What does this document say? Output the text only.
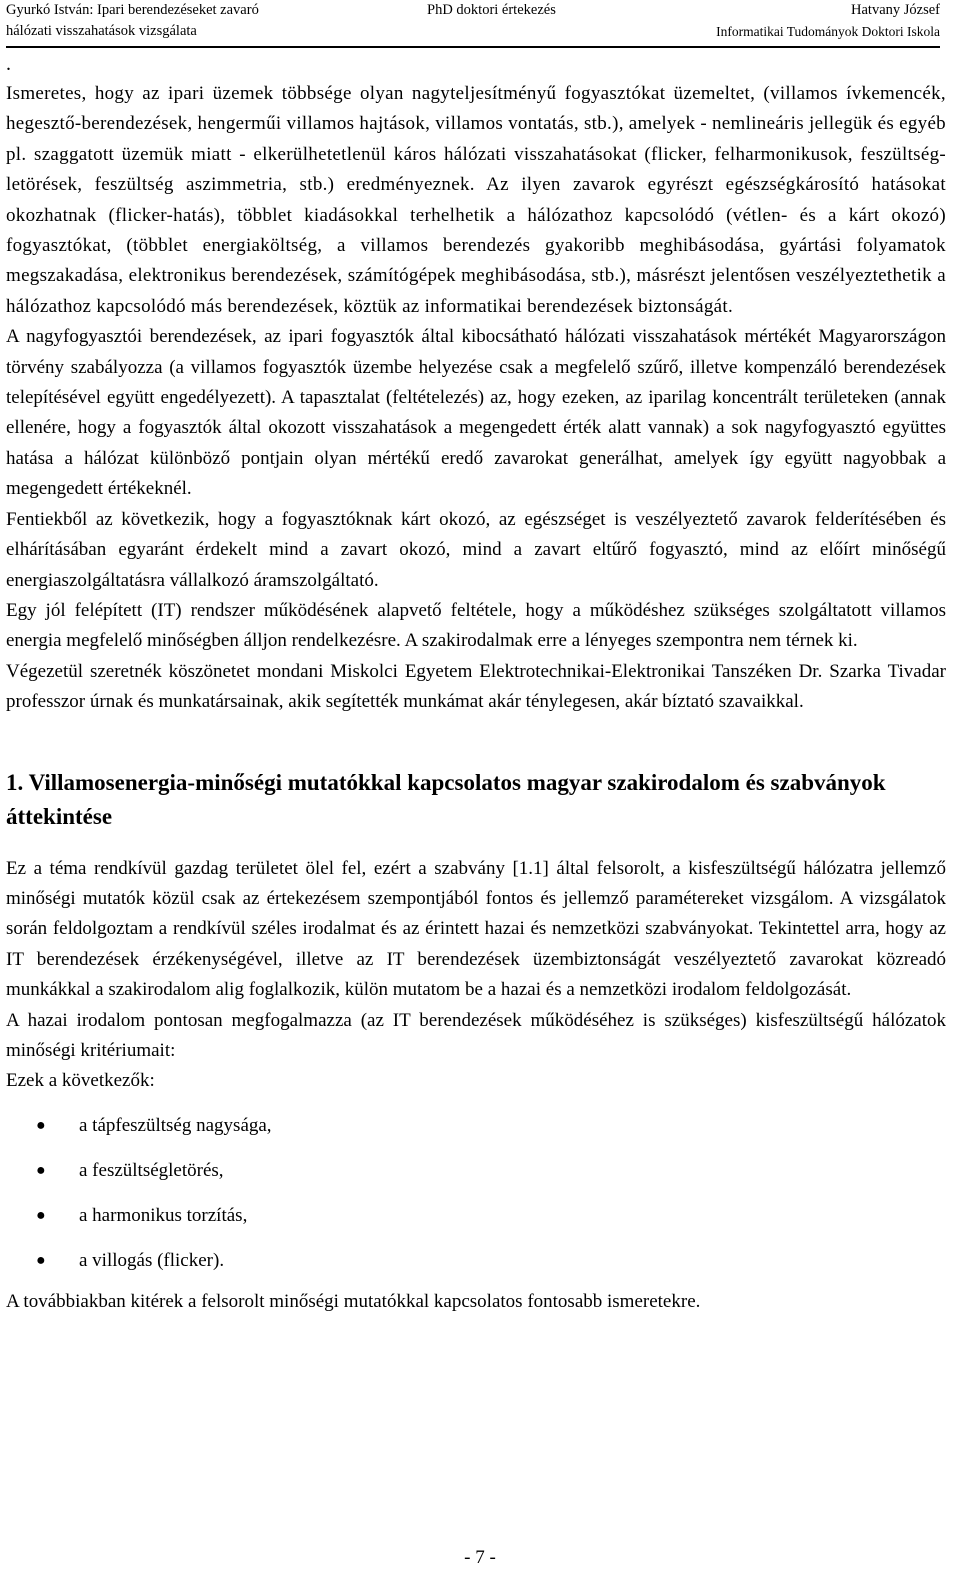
Gyurkó István: Ipari berendezéseket zavaró
hálózati visszahatások vizsgálata
PhD doktori értekezés	Hatvany József
Informatikai Tudományok Doktori Iskola
.

Ismeretes, hogy az ipari üzemek többsége olyan nagyteljesítményű fogyasztókat üzemeltet, (villamos ívkemencék, hegesztő-berendezések, hengerműi villamos hajtások, villamos vontatás, stb.), amelyek - nemlineáris jellegük és egyéb pl. szaggatott üzemük miatt - elkerülhetetlenül káros hálózati visszahatásokat (flicker, felharmonikusok, feszültség-letörések, feszültség aszimmetria, stb.) eredményeznek. Az ilyen zavarok egyrészt egészségkárosító hatásokat okozhatnak (flicker-hatás), többlet kiadásokkal terhelhetik a hálózathoz kapcsolódó (vétlen- és a kárt okozó) fogyasztókat, (többlet energiaköltség, a villamos berendezés gyakoribb meghibásodása, gyártási folyamatok megszakadása, elektronikus berendezések, számítógépek meghibásodása, stb.), másrészt jelentősen veszélyeztethetik a hálózathoz kapcsolódó más berendezések, köztük az informatikai berendezések biztonságát.

A nagyfogyasztói berendezések, az ipari fogyasztók által kibocsátható hálózati visszahatások mértékét Magyarországon törvény szabályozza (a villamos fogyasztók üzembe helyezése csak a megfelelő szűrő, illetve kompenzáló berendezések telepítésével együtt engedélyezett). A tapasztalat (feltételezés) az, hogy ezeken, az iparilag koncentrált területeken (annak ellenére, hogy a fogyasztók által okozott visszahatások a megengedett érték alatt vannak) a sok nagyfogyasztó együttes hatása a hálózat különböző pontjain olyan mértékű eredő zavarokat generálhat, amelyek így együtt nagyobbak a megengedett értékeknél.

Fentiekből az következik, hogy a fogyasztóknak kárt okozó, az egészséget is veszélyeztető zavarok felderítésében és elhárításában egyaránt érdekelt mind a zavart okozó, mind a zavart eltűrő fogyasztó, mind az előírt minőségű energiaszolgáltatásra vállalkozó áramszolgáltató.

Egy jól felépített (IT) rendszer működésének alapvető feltétele, hogy a működéshez szükséges szolgáltatott villamos energia megfelelő minőségben álljon rendelkezésre. A szakirodalmak erre a lényeges szempontra nem térnek ki.

Végezetül szeretnék köszönetet mondani Miskolci Egyetem Elektrotechnikai-Elektronikai Tanszéken Dr. Szarka Tivadar professzor úrnak és munkatársainak, akik segítették munkámat akár ténylegesen, akár bíztató szavaikkal.

1. Villamosenergia-minőségi mutatókkal kapcsolatos magyar szakirodalom és szabványok áttekintése

Ez a téma rendkívül gazdag területet ölel fel, ezért a szabvány [1.1] által felsorolt, a kisfeszültségű hálózatra jellemző minőségi mutatók közül csak az értekezésem szempontjából fontos és jellemző paramétereket vizsgálom. A vizsgálatok során feldolgoztam a rendkívül széles irodalmat és az érintett hazai és nemzetközi szabványokat. Tekintettel arra, hogy az IT berendezések érzékenységével, illetve az IT berendezések üzembiztonságát veszélyeztető zavarokat közreadó munkákkal a szakirodalom alig foglalkozik, külön mutatom be a hazai és a nemzetközi irodalom feldolgozását.

A hazai irodalom pontosan megfogalmazza (az IT berendezések működéséhez is szükséges) kisfeszültségű hálózatok minőségi kritériumait:

Ezek a következők:

● a tápfeszültség nagysága,
● a feszültségletörés,
● a harmonikus torzítás,
● a villogás (flicker).

A továbbiakban kitérek a felsorolt minőségi mutatókkal kapcsolatos fontosabb ismeretekre.

- 7 -
